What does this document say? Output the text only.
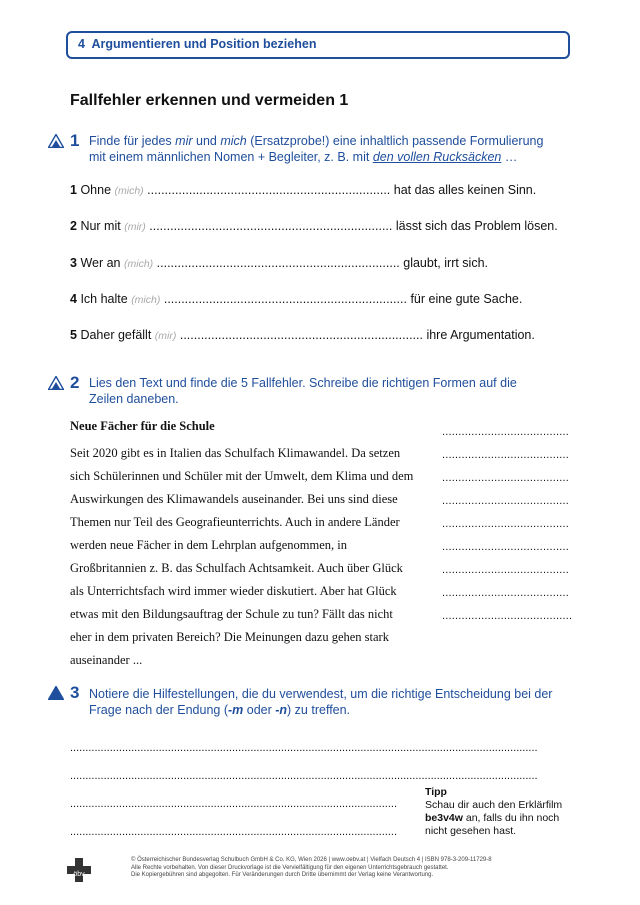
4 Argumentieren und Position beziehen
Fallfehler erkennen und vermeiden 1
1 Finde für jedes mir und mich (Ersatzprobe!) eine inhaltlich passende Formulierung
mit einem männlichen Nomen + Begleiter, z. B. mit den vollen Rucksäcken …
1 Ohne (mich) ...................................................................... hat das alles keinen Sinn.
2 Nur mit (mir) ...................................................................... lässt sich das Problem lösen.
3 Wer an (mich) ...................................................................... glaubt, irrt sich.
4 Ich halte (mich) ...................................................................... für eine gute Sache.
5 Daher gefällt (mir) ...................................................................... ihre Argumentation.
2 Lies den Text und finde die 5 Fallfehler. Schreibe die richtigen Formen auf die
Zeilen daneben.
Neue Fächer für die Schule
Seit 2020 gibt es in Italien das Schulfach Klimawandel. Da setzen
sich Schülerinnen und Schüler mit der Umwelt, dem Klima und dem
Auswirkungen des Klimawandels auseinander. Bei uns sind diese
Themen nur Teil des Geografieunterrichts. Auch in andere Länder
werden neue Fächer in dem Lehrplan aufgenommen, in
Großbritannien z. B. das Schulfach Achtsamkeit. Auch über Glück
als Unterrichtsfach wird immer wieder diskutiert. Aber hat Glück
etwas mit den Bildungsauftrag der Schule zu tun? Fällt das nicht
eher in dem privaten Bereich? Die Meinungen dazu gehen stark
auseinander ...
.......................................
.......................................
.......................................
.......................................
.......................................
.......................................
.......................................
.......................................
........................................
3 Notiere die Hilfestellungen, die du verwendest, um die richtige Entscheidung bei der
Frage nach der Endung (-m oder -n) zu treffen.
.........................................................................................................................................................
.........................................................................................................................................................
...........................................................................................................
...........................................................................................................
Tipp
Schau dir auch den Erklärfilm
be3v4w an, falls du ihn noch
nicht gesehen hast.
öbv
© Österreichischer Bundesverlag Schulbuch GmbH & Co. KG, Wien 2026 | www.oebv.at | Vielfach Deutsch 4 | ISBN 978-3-209-11729-8
Alle Rechte vorbehalten. Von dieser Druckvorlage ist die Vervielfältigung für den eigenen Unterrichtsgebrauch gestattet.
Die Kopiergebühren sind abgegolten. Für Veränderungen durch Dritte übernimmt der Verlag keine Verantwortung.
